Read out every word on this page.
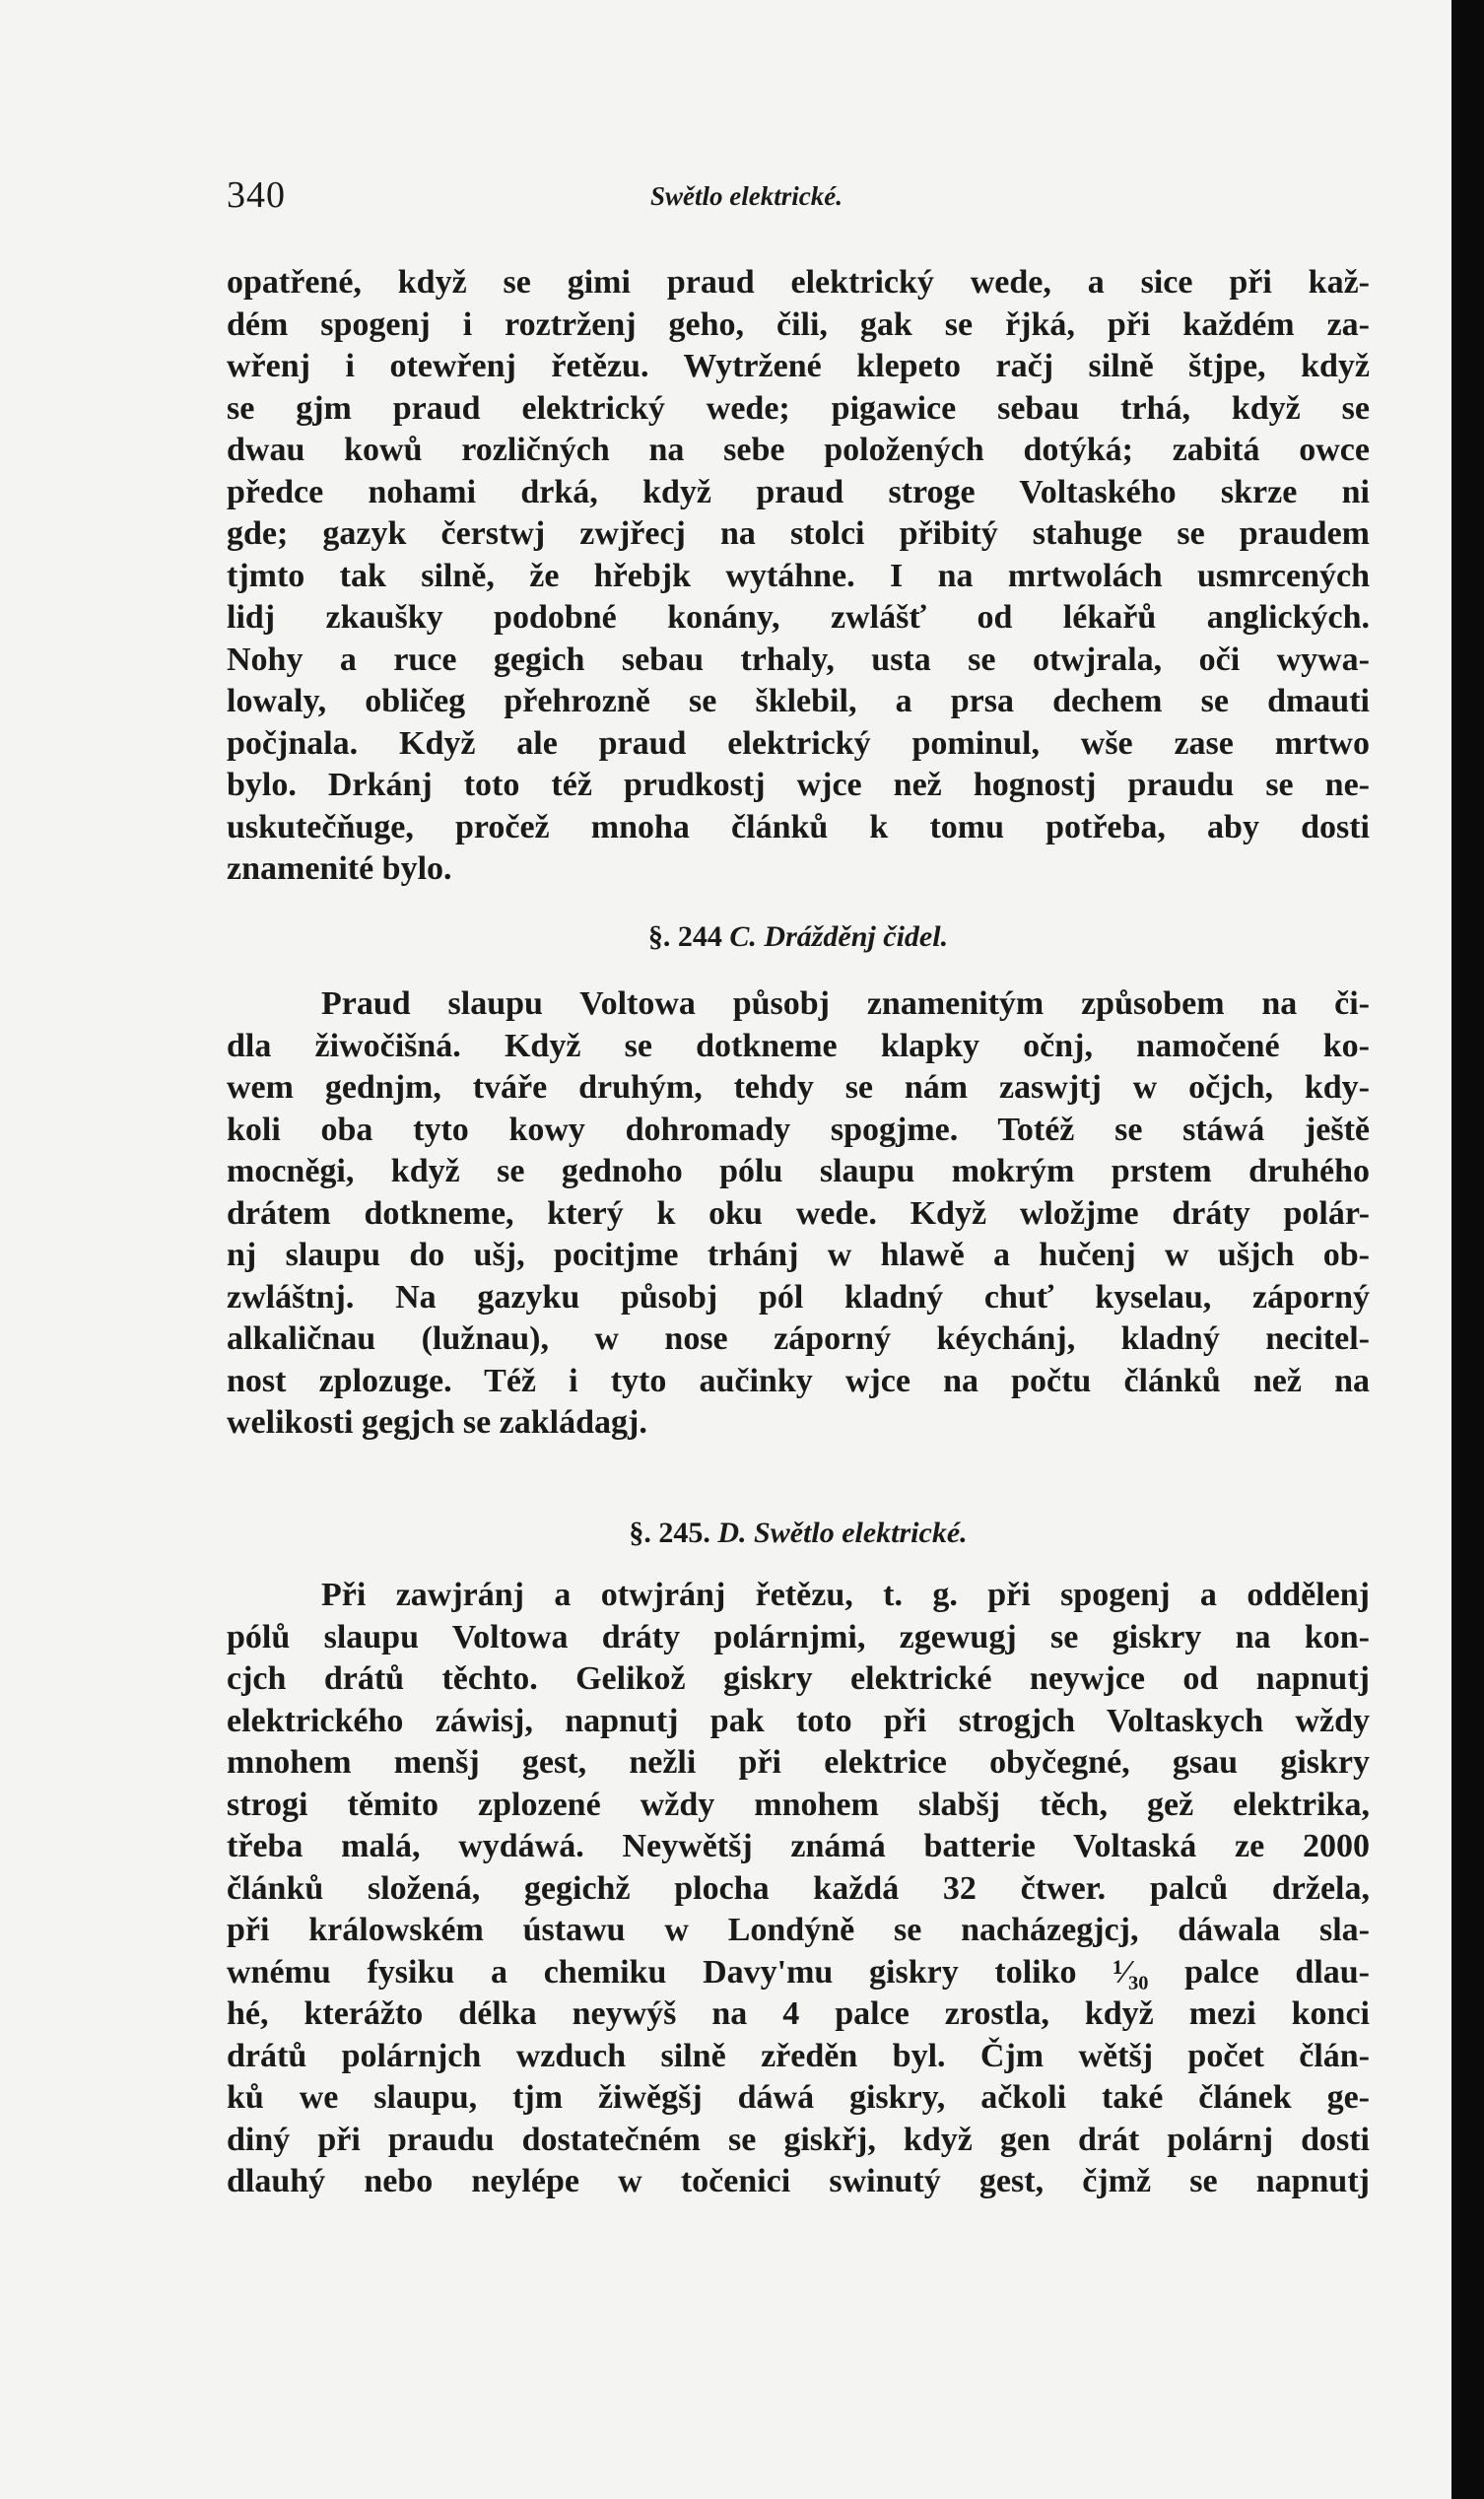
340	Swětlo elektrické.
opatřené, když se gimi praud elektrický wede, a sice při kaž-
dém spogenj i roztrženj geho, čili, gak se řjká, při každém za-
wřenj i otewřenj řetězu. Wytržené klepeto račj silně štjpe, když
se gjm praud elektrický wede; pigawice sebau trhá, když se
dwau kowů rozličných na sebe položených dotýká; zabitá owce
předce nohami drká, když praud stroge Voltaského skrze ni
gde; gazyk čerstwj zwjřecj na stolci přibitý stahuge se praudem
tjmto tak silně, že hřebjk wytáhne. I na mrtwolách usmrcených
lidj zkaušky podobné konány, zwlášť od lékařů anglických.
Nohy a ruce gegich sebau trhaly, usta se otwjrala, oči wywa-
lowaly, obličeg přehrozně se šklebil, a prsa dechem se dmauti
počjnala. Když ale praud elektrický pominul, wše zase mrtwo
bylo. Drkánj toto též prudkostj wjce než hognostj praudu se ne-
uskutečňuge, pročež mnoha článků k tomu potřeba, aby dosti
znamenité bylo.
§. 244 C. Drážděnj čidel.
Praud slaupu Voltowa působj znamenitým způsobem na či-
dla žiwočišná. Když se dotkneme klapky očnj, namočené ko-
wem gednjm, tváře druhým, tehdy se nám zaswjtj w očjch, kdy-
koli oba tyto kowy dohromady spogjme. Totéž se stáwá ještě
mocněgi, když se gednoho pólu slaupu mokrým prstem druhého
drátem dotkneme, který k oku wede. Když wložjme dráty polár-
nj slaupu do ušj, pocitjme trhánj w hlawě a hučenj w ušjch ob-
zwláštnj. Na gazyku působj pól kladný chuť kyselau, záporný
alkaličnau (lužnau), w nose záporný kéychánj, kladný necitel-
nost zplozuge. Též i tyto aučinky wjce na počtu článků než na
welikosti gegjch se zakládagj.
§. 245. D. Swětlo elektrické.
Při zawjránj a otwjránj řetězu, t. g. při spogenj a oddělenj
pólů slaupu Voltowa dráty polárnjmi, zgewugj se giskry na kon-
cjch drátů těchto. Gelikož giskry elektrické neywjce od napnutj
elektrického záwisj, napnutj pak toto při strogjch Voltaskych wždy
mnohem menšj gest, nežli při elektrice obyčegné, gsau giskry
strogi těmito zplozené wždy mnohem slabšj těch, gež elektrika,
třeba malá, wydáwá. Neywětšj známá batterie Voltaská ze 2000
článků složená, gegichž plocha každá 32 čtwer. palců držela,
při králowském ústawu w Londýně se nacházegjcj, dáwala sla-
wnému fysiku a chemiku Davy'mu giskry toliko ¹⁄₃₀ palce dlau-
hé, kterážto délka neywýš na 4 palce zrostla, když mezi konci
drátů polárnjch wzduch silně zředěn byl. Čjm wětšj počet člán-
ků we slaupu, tjm žiwěgšj dáwá giskry, ačkoli také článek ge-
diný při praudu dostatečném se giskřj, když gen drát polárnj dosti
dlauhý nebo neylépe w točenici swinutý gest, čjmž se napnutj
